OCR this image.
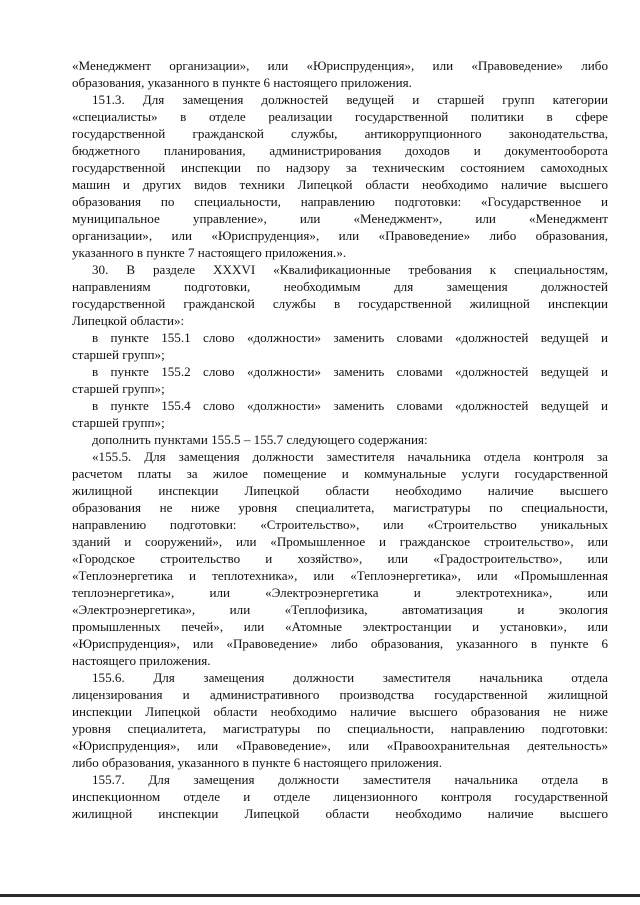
«Менеджмент организации», или «Юриспруденция», или «Правоведение» либо
образования, указанного в пункте 6 настоящего приложения.
151.3. Для замещения должностей ведущей и старшей групп категории
«специалисты» в отделе реализации государственной политики в сфере
государственной гражданской службы, антикоррупционного законодательства,
бюджетного планирования, администрирования доходов и документооборота
государственной инспекции по надзору за техническим состоянием самоходных
машин и других видов техники Липецкой области необходимо наличие высшего
образования по специальности, направлению подготовки: «Государственное и
муниципальное управление», или «Менеджмент», или «Менеджмент
организации», или «Юриспруденция», или «Правоведение» либо образования,
указанного в пункте 7 настоящего приложения.».
30. В разделе XXXVI «Квалификационные требования к специальностям,
направлениям подготовки, необходимым для замещения должностей
государственной гражданской службы в государственной жилищной инспекции
Липецкой области»:
в пункте 155.1 слово «должности» заменить словами «должностей ведущей и
старшей групп»;
в пункте 155.2 слово «должности» заменить словами «должностей ведущей и
старшей групп»;
в пункте 155.4 слово «должности» заменить словами «должностей ведущей и
старшей групп»;
дополнить пунктами 155.5 – 155.7 следующего содержания:
«155.5. Для замещения должности заместителя начальника отдела контроля за
расчетом платы за жилое помещение и коммунальные услуги государственной
жилищной инспекции Липецкой области необходимо наличие высшего
образования не ниже уровня специалитета, магистратуры по специальности,
направлению подготовки: «Строительство», или «Строительство уникальных
зданий и сооружений», или «Промышленное и гражданское строительство», или
«Городское строительство и хозяйство», или «Градостроительство», или
«Теплоэнергетика и теплотехника», или «Теплоэнергетика», или «Промышленная
теплоэнергетика», или «Электроэнергетика и электротехника», или
«Электроэнергетика», или «Теплофизика, автоматизация и экология
промышленных печей», или «Атомные электростанции и установки», или
«Юриспруденция», или «Правоведение» либо образования, указанного в пункте 6
настоящего приложения.
155.6. Для замещения должности заместителя начальника отдела
лицензирования и административного производства государственной жилищной
инспекции Липецкой области необходимо наличие высшего образования не ниже
уровня специалитета, магистратуры по специальности, направлению подготовки:
«Юриспруденция», или «Правоведение», или «Правоохранительная деятельность»
либо образования, указанного в пункте 6 настоящего приложения.
155.7. Для замещения должности заместителя начальника отдела в
инспекционном отделе и отделе лицензионного контроля государственной
жилищной инспекции Липецкой области необходимо наличие высшего
